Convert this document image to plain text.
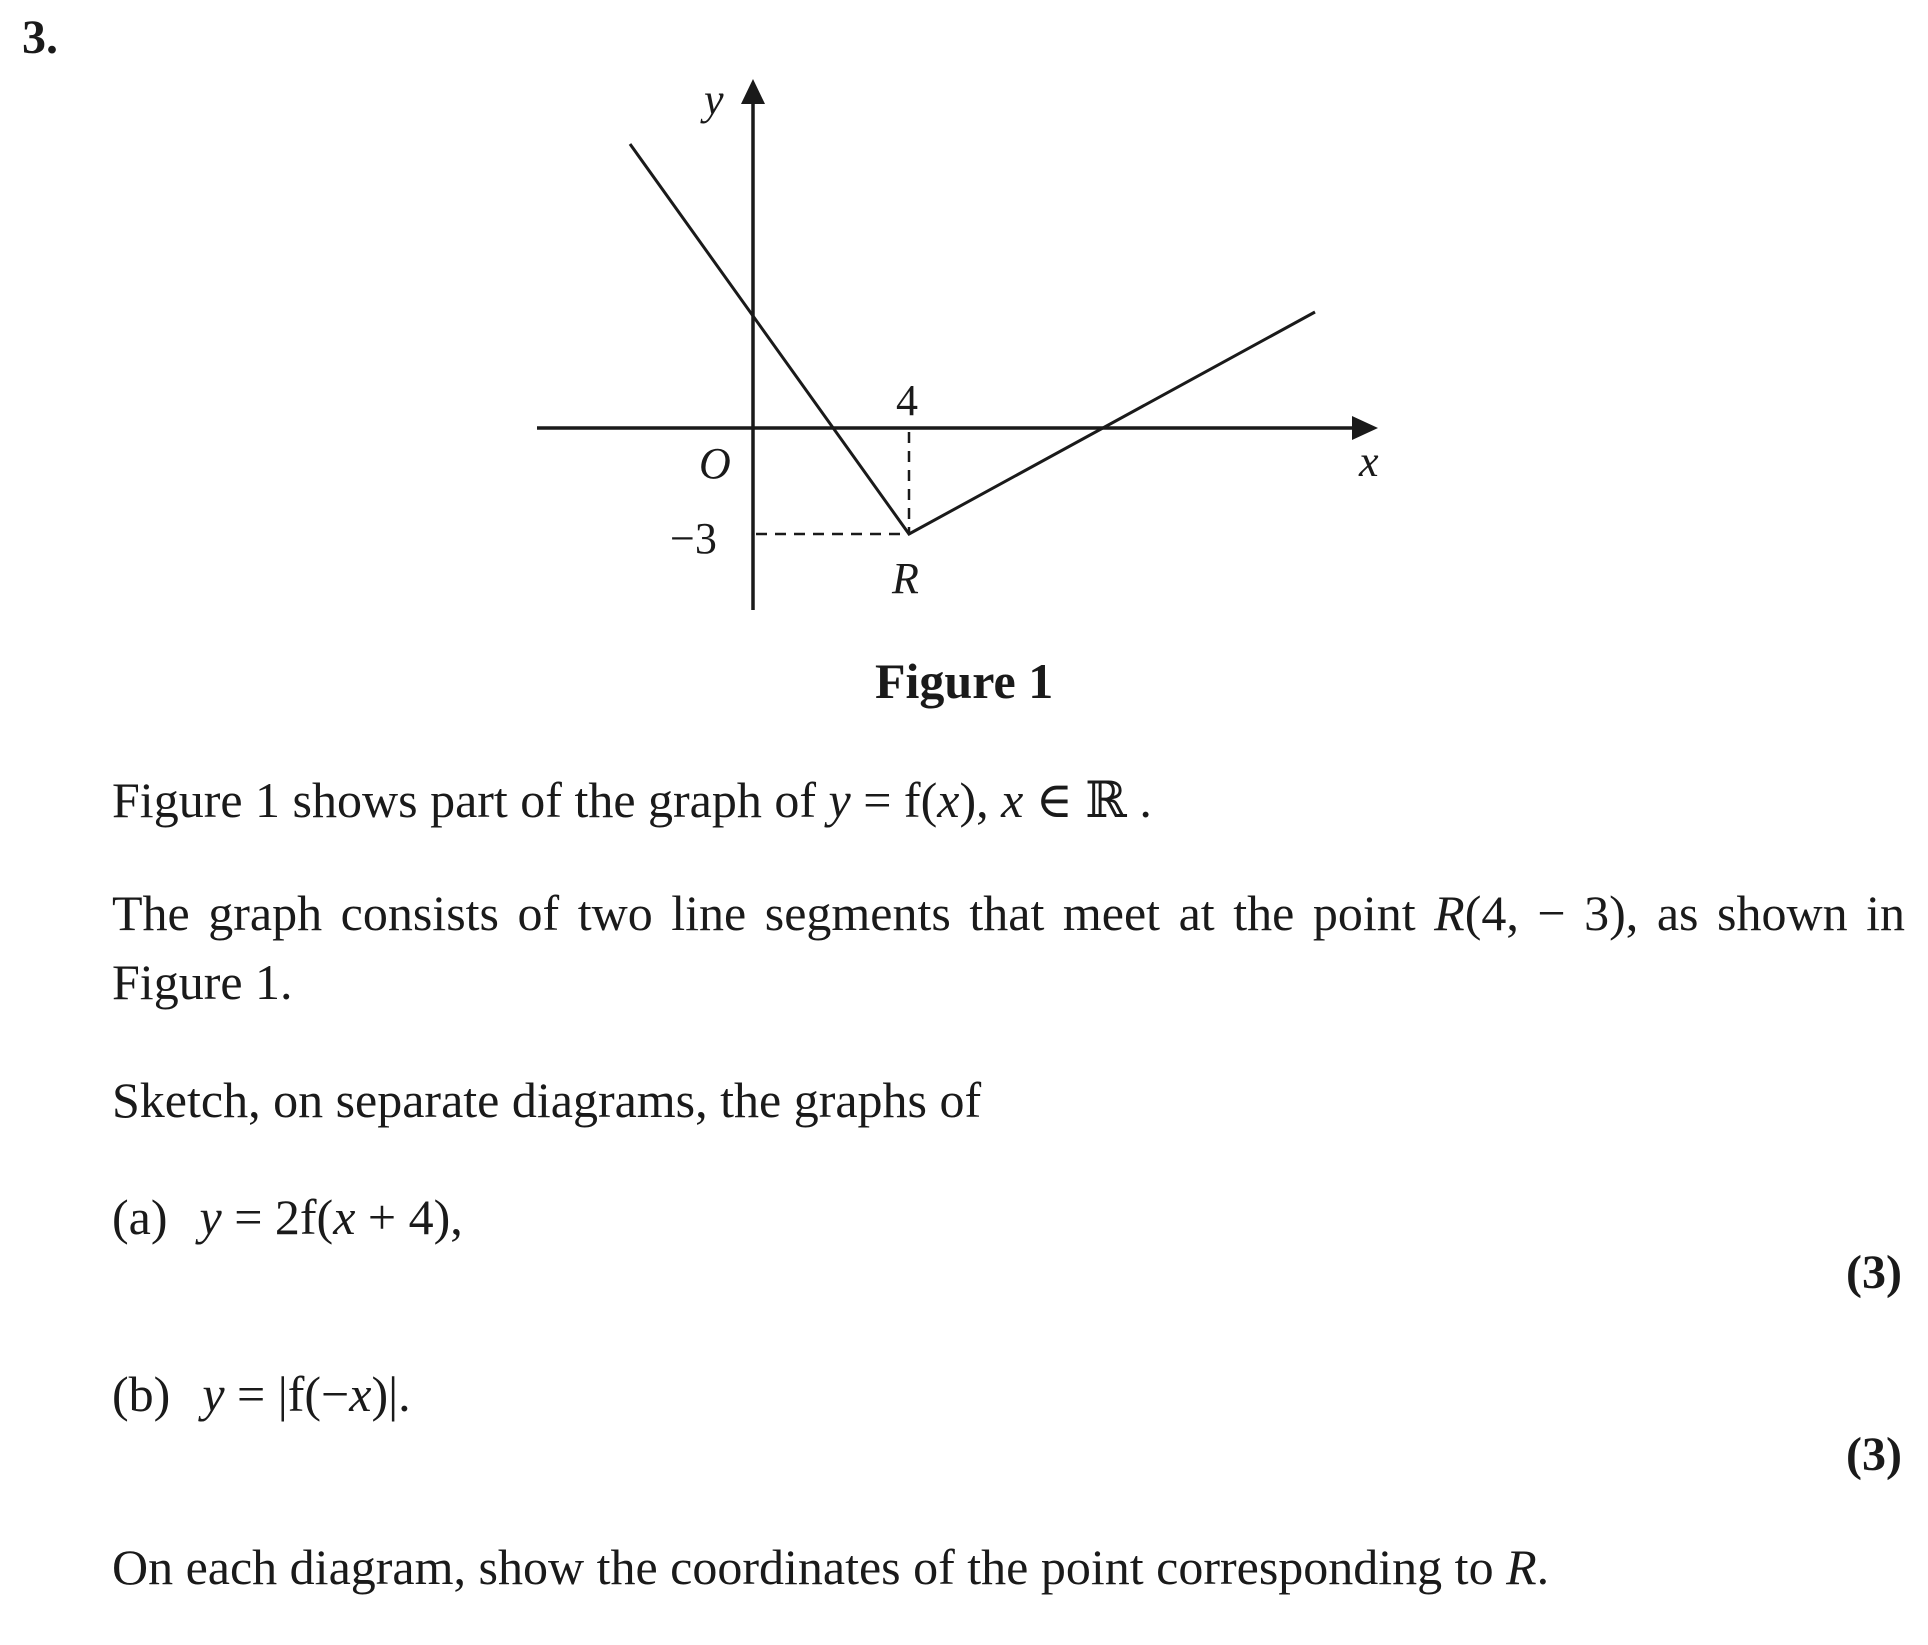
3.
y
x
O
4
−3
R
Figure 1
Figure 1 shows part of the graph of y = f(x), x ∈ ℝ .
The graph consists of two line segments that meet at the point R(4, − 3), as shown in
Figure 1.
Sketch, on separate diagrams, the graphs of
(a) y = 2f(x + 4),
(3)
(b) y = |f(−x)|.
(3)
On each diagram, show the coordinates of the point corresponding to R.
